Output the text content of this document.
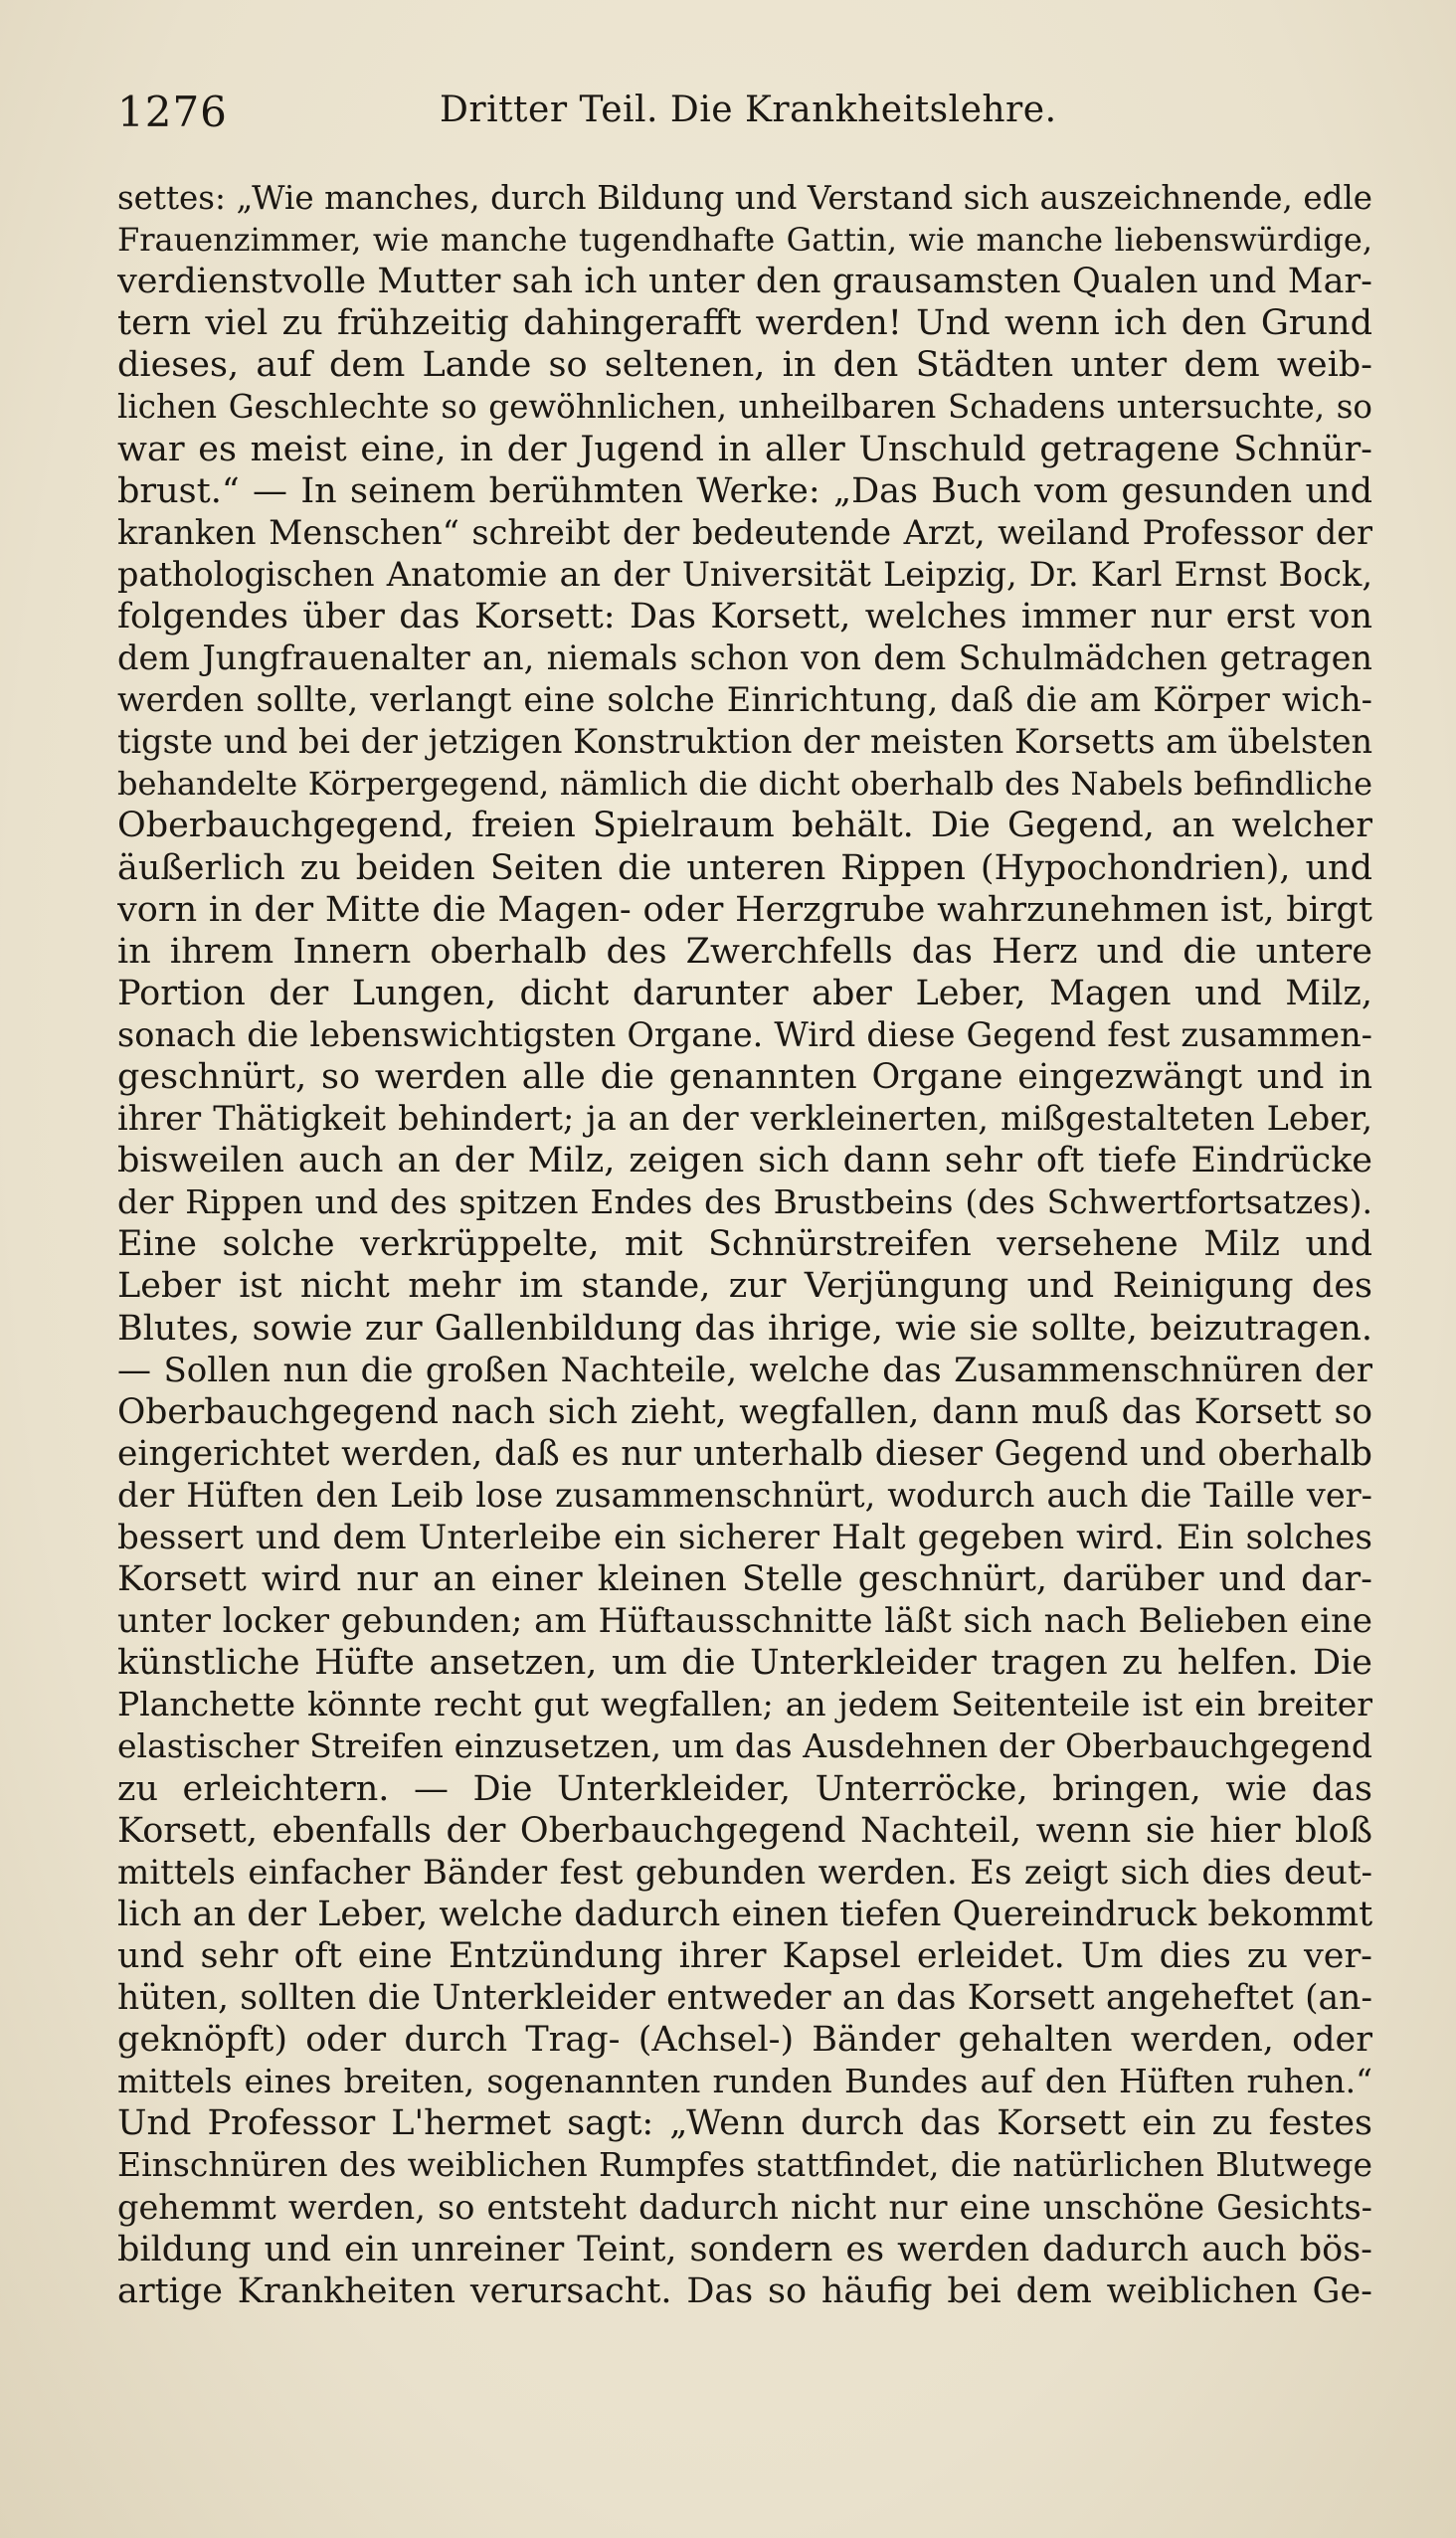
1276	Dritter Teil. Die Krankheitslehre.
settes: „Wie manches, durch Bildung und Verstand sich auszeichnende, edle
Frauenzimmer, wie manche tugendhafte Gattin, wie manche liebenswürdige,
verdienstvolle Mutter sah ich unter den grausamsten Qualen und Mar-
tern viel zu frühzeitig dahingerafft werden! Und wenn ich den Grund
dieses, auf dem Lande so seltenen, in den Städten unter dem weib-
lichen Geschlechte so gewöhnlichen, unheilbaren Schadens untersuchte, so
war es meist eine, in der Jugend in aller Unschuld getragene Schnür-
brust.“ — In seinem berühmten Werke: „Das Buch vom gesunden und
kranken Menschen“ schreibt der bedeutende Arzt, weiland Professor der
pathologischen Anatomie an der Universität Leipzig, Dr. Karl Ernst Bock,
folgendes über das Korsett: Das Korsett, welches immer nur erst von
dem Jungfrauenalter an, niemals schon von dem Schulmädchen getragen
werden sollte, verlangt eine solche Einrichtung, daß die am Körper wich-
tigste und bei der jetzigen Konstruktion der meisten Korsetts am übelsten
behandelte Körpergegend, nämlich die dicht oberhalb des Nabels befindliche
Oberbauchgegend, freien Spielraum behält. Die Gegend, an welcher
äußerlich zu beiden Seiten die unteren Rippen (Hypochondrien), und
vorn in der Mitte die Magen- oder Herzgrube wahrzunehmen ist, birgt
in ihrem Innern oberhalb des Zwerchfells das Herz und die untere
Portion der Lungen, dicht darunter aber Leber, Magen und Milz,
sonach die lebenswichtigsten Organe. Wird diese Gegend fest zusammen-
geschnürt, so werden alle die genannten Organe eingezwängt und in
ihrer Thätigkeit behindert; ja an der verkleinerten, mißgestalteten Leber,
bisweilen auch an der Milz, zeigen sich dann sehr oft tiefe Eindrücke
der Rippen und des spitzen Endes des Brustbeins (des Schwertfortsatzes).
Eine solche verkrüppelte, mit Schnürstreifen versehene Milz und
Leber ist nicht mehr im stande, zur Verjüngung und Reinigung des
Blutes, sowie zur Gallenbildung das ihrige, wie sie sollte, beizutragen.
— Sollen nun die großen Nachteile, welche das Zusammenschnüren der
Oberbauchgegend nach sich zieht, wegfallen, dann muß das Korsett so
eingerichtet werden, daß es nur unterhalb dieser Gegend und oberhalb
der Hüften den Leib lose zusammenschnürt, wodurch auch die Taille ver-
bessert und dem Unterleibe ein sicherer Halt gegeben wird. Ein solches
Korsett wird nur an einer kleinen Stelle geschnürt, darüber und dar-
unter locker gebunden; am Hüftausschnitte läßt sich nach Belieben eine
künstliche Hüfte ansetzen, um die Unterkleider tragen zu helfen. Die
Planchette könnte recht gut wegfallen; an jedem Seitenteile ist ein breiter
elastischer Streifen einzusetzen, um das Ausdehnen der Oberbauchgegend
zu erleichtern. — Die Unterkleider, Unterröcke, bringen, wie das
Korsett, ebenfalls der Oberbauchgegend Nachteil, wenn sie hier bloß
mittels einfacher Bänder fest gebunden werden. Es zeigt sich dies deut-
lich an der Leber, welche dadurch einen tiefen Quereindruck bekommt
und sehr oft eine Entzündung ihrer Kapsel erleidet. Um dies zu ver-
hüten, sollten die Unterkleider entweder an das Korsett angeheftet (an-
geknöpft) oder durch Trag- (Achsel-) Bänder gehalten werden, oder
mittels eines breiten, sogenannten runden Bundes auf den Hüften ruhen.“
Und Professor L'hermet sagt: „Wenn durch das Korsett ein zu festes
Einschnüren des weiblichen Rumpfes stattfindet, die natürlichen Blutwege
gehemmt werden, so entsteht dadurch nicht nur eine unschöne Gesichts-
bildung und ein unreiner Teint, sondern es werden dadurch auch bös-
artige Krankheiten verursacht. Das so häufig bei dem weiblichen Ge-
